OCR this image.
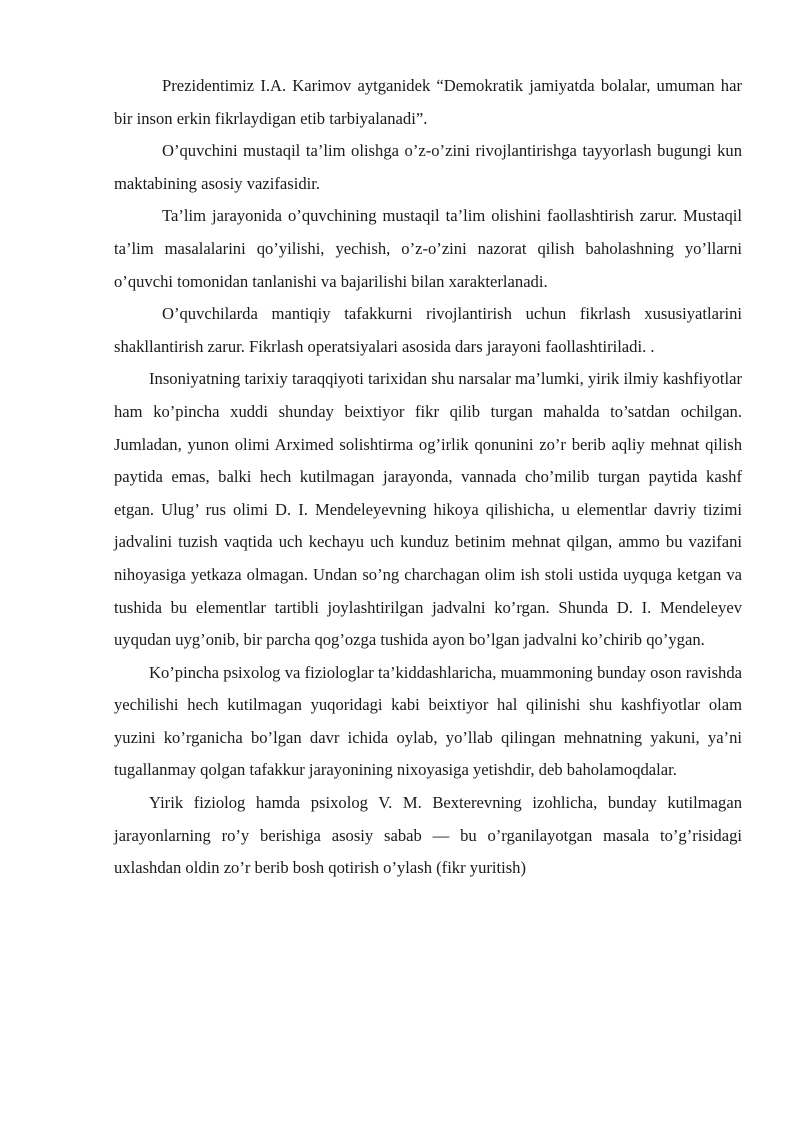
Prezidentimiz I.A. Karimov aytganidek “Demokratik jamiyatda bolalar, umuman har bir inson erkin fikrlaydigan etib tarbiyalanadi”.

O’quvchini mustaqil ta’lim olishga o’z-o’zini rivojlantirishga tayyorlash bugungi kun maktabining asosiy vazifasidir.

Ta’lim jarayonida o’quvchining mustaqil ta’lim olishini faollashtirish zarur. Mustaqil ta’lim masalalarini qo’yilishi, yechish, o’z-o’zini nazorat qilish baholashning yo’llarni o’quvchi tomonidan tanlanishi va bajarilishi bilan xarakterlanadi.

O’quvchilarda mantiqiy tafakkurni rivojlantirish uchun fikrlash xususiyatlarini shakllantirish zarur. Fikrlash operatsiyalari asosida dars jarayoni faollashtiriladi. .

Insoniyatning tarixiy taraqqiyoti tarixidan shu narsalar ma’lumki, yirik ilmiy kashfiyotlar ham ko’pincha xuddi shunday beixtiyor fikr qilib turgan mahalda to’satdan ochilgan. Jumladan, yunon olimi Arximed solishtirma og’irlik qonunini zo’r berib aqliy mehnat qilish paytida emas, balki hech kutilmagan jarayonda, vannada cho’milib turgan paytida kashf etgan. Ulug’ rus olimi D. I. Mendeleyevning hikoya qilishicha, u elementlar davriy tizimi jadvalini tuzish vaqtida uch kechayu uch kunduz betinim mehnat qilgan, ammo bu vazifani nihoyasiga yetkaza olmagan. Undan so’ng charchagan olim ish stoli ustida uyquga ketgan va tushida bu elementlar tartibli joylashtirilgan jadvalni ko’rgan. Shunda D. I. Mendeleyev uyqudan uyg’onib, bir parcha qog’ozga tushida ayon bo’lgan jadvalni ko’chirib qo’ygan.

Ko’pincha psixolog va fiziologlar ta’kiddashlaricha, muammoning bunday oson ravishda yechilishi hech kutilmagan yuqoridagi kabi beixtiyor hal qilinishi shu kashfiyotlar olam yuzini ko’rganicha bo’lgan davr ichida oylab, yo’llab qilingan mehnatning yakuni, ya’ni tugallanmay qolgan tafakkur jarayonining nixoyasiga yetishdir, deb baholamoqdalar.

Yirik fiziolog hamda psixolog V. M. Bexterevning izohlicha, bunday kutilmagan jarayonlarning ro’y berishiga asosiy sabab — bu o’rganilayotgan masala to’g’risidagi uxlashdan oldin zo’r berib bosh qotirish o’ylash (fikr yuritish)
